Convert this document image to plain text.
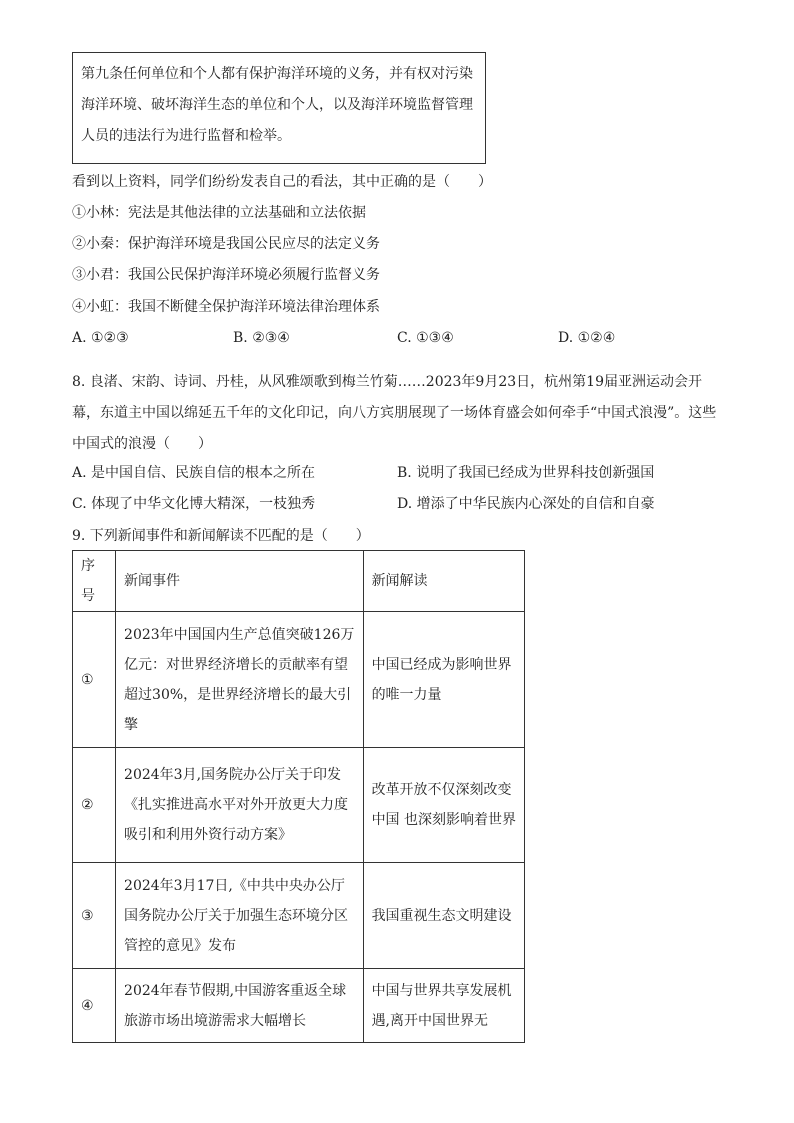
第九条任何单位和个人都有保护海洋环境的义务，并有权对污染海洋环境、破坏海洋生态的单位和个人，以及海洋环境监督管理人员的违法行为进行监督和检举。
看到以上资料，同学们纷纷发表自己的看法，其中正确的是（　　）
①小林：宪法是其他法律的立法基础和立法依据
②小秦：保护海洋环境是我国公民应尽的法定义务
③小君：我国公民保护海洋环境必须履行监督义务
④小虹：我国不断健全保护海洋环境法律治理体系
A. ①②③	B. ②③④	C. ①③④	D. ①②④
8. 良渚、宋韵、诗词、丹桂，从风雅颂歌到梅兰竹菊……2023年9月23日，杭州第19届亚洲运动会开幕，东道主中国以绵延五千年的文化印记，向八方宾朋展现了一场体育盛会如何牵手“中国式浪漫”。这些中国式的浪漫（　　）
A. 是中国自信、民族自信的根本之所在	B. 说明了我国已经成为世界科技创新强国
C. 体现了中华文化博大精深，一枝独秀	D. 增添了中华民族内心深处的自信和自豪
9. 下列新闻事件和新闻解读不匹配的是（　　）
序号	新闻事件	新闻解读
①	2023年中国国内生产总值突破126万亿元：对世界经济增长的贡献率有望超过30%，是世界经济增长的最大引擎	中国已经成为影响世界的唯一力量
②	2024年3月,国务院办公厅关于印发《扎实推进高水平对外开放更大力度吸引和利用外资行动方案》	改革开放不仅深刻改变中国 也深刻影响着世界
③	2024年3月17日,《中共中央办公厅国务院办公厅关于加强生态环境分区管控的意见》发布	我国重视生态文明建设
④	2024年春节假期,中国游客重返全球旅游市场出境游需求大幅增长	中国与世界共享发展机遇,离开中国世界无
